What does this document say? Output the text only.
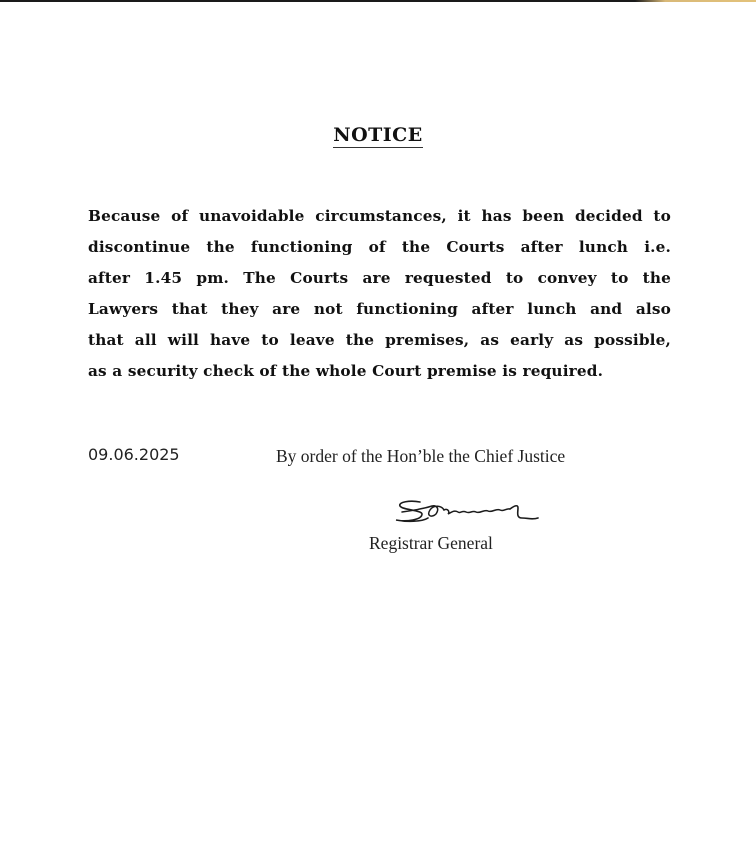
NOTICE
Because of unavoidable circumstances, it has been decided to
discontinue the functioning of the Courts after lunch i.e.
after 1.45 pm. The Courts are requested to convey to the
Lawyers that they are not functioning after lunch and also
that all will have to leave the premises, as early as possible,
as a security check of the whole Court premise is required.
09.06.2025	By order of the Hon’ble the Chief Justice
Registrar General
